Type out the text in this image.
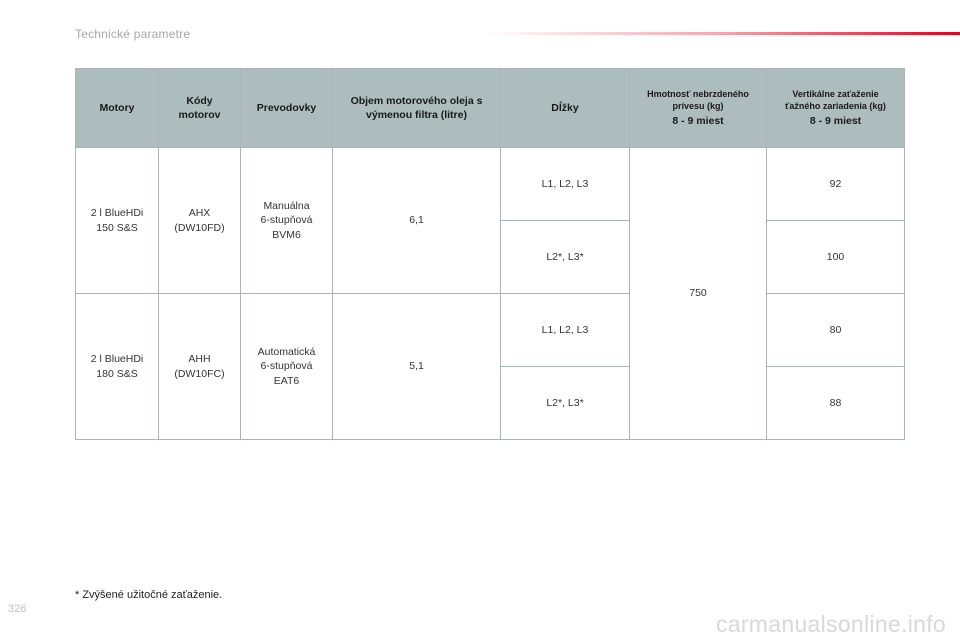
Technické parametre
Motory	Kódy
motorov	Prevodovky	Objem motorového oleja s
výmenou filtra (litre)	Dĺžky	Hmotnosť nebrzdeného
prívesu (kg)
8 - 9 miest	Vertikálne zaťaženie
ťažného zariadenia (kg)
8 - 9 miest

2 l BlueHDi
150 S&S	AHX
(DW10FD)	Manuálna
6-stupňová
BVM6	6,1	L1, L2, L3	750	92
				L2*, L3*		100
2 l BlueHDi
180 S&S	AHH
(DW10FC)	Automatická
6-stupňová
EAT6	5,1	L1, L2, L3		80
				L2*, L3*		88
* Zvýšené užitočné zaťaženie.
326
carmanualsonline.info
